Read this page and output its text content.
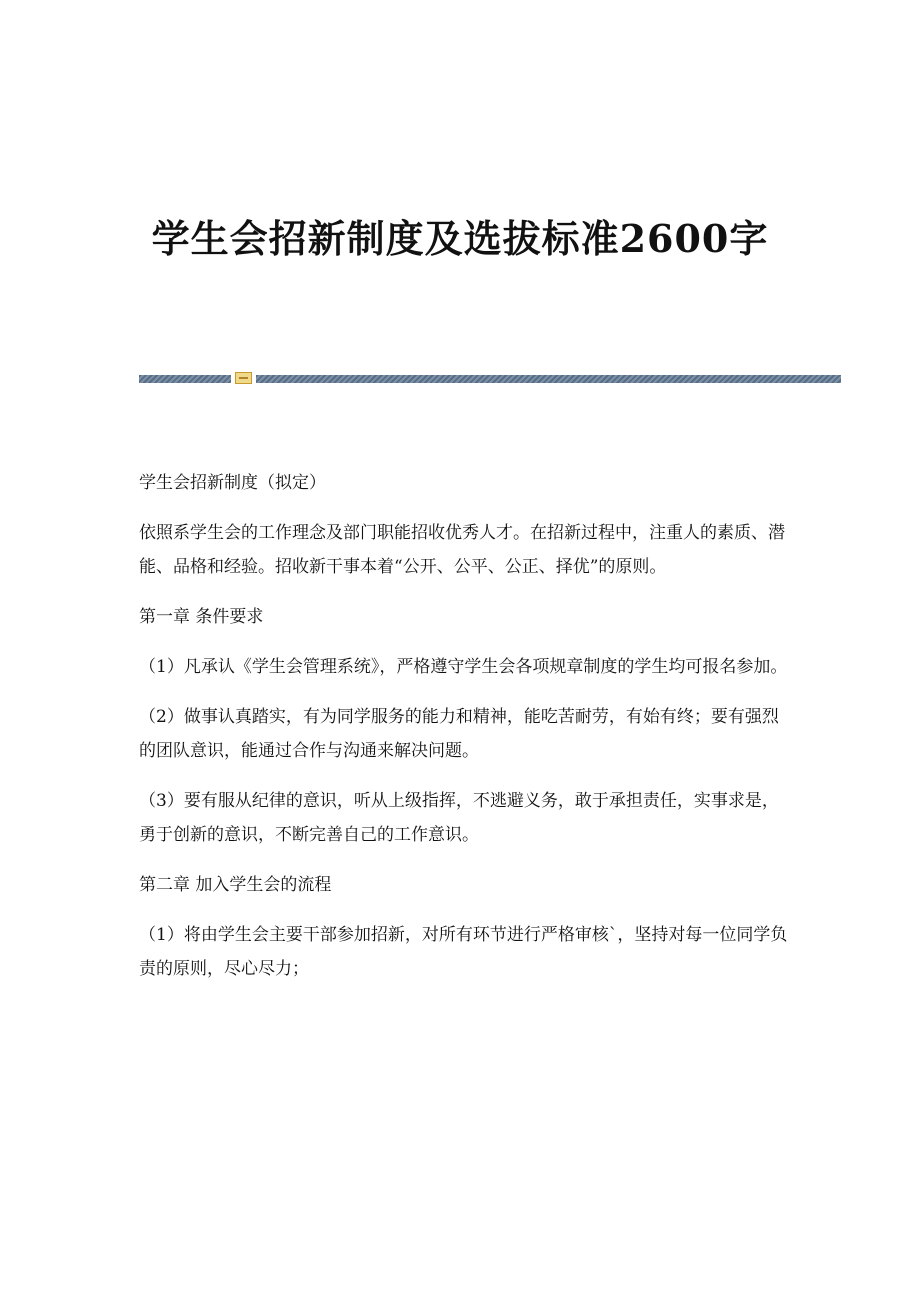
学生会招新制度及选拔标准2600字

学生会招新制度（拟定）

依照系学生会的工作理念及部门职能招收优秀人才。在招新过程中，注重人的素质、潜能、品格和经验。招收新干事本着“公开、公平、公正、择优”的原则。

第一章 条件要求

（1）凡承认《学生会管理系统》，严格遵守学生会各项规章制度的学生均可报名参加。

（2）做事认真踏实，有为同学服务的能力和精神，能吃苦耐劳，有始有终；要有强烈的团队意识，能通过合作与沟通来解决问题。

（3）要有服从纪律的意识，听从上级指挥，不逃避义务，敢于承担责任，实事求是，勇于创新的意识，不断完善自己的工作意识。

第二章 加入学生会的流程

（1）将由学生会主要干部参加招新，对所有环节进行严格审核`，坚持对每一位同学负责的原则，尽心尽力；
